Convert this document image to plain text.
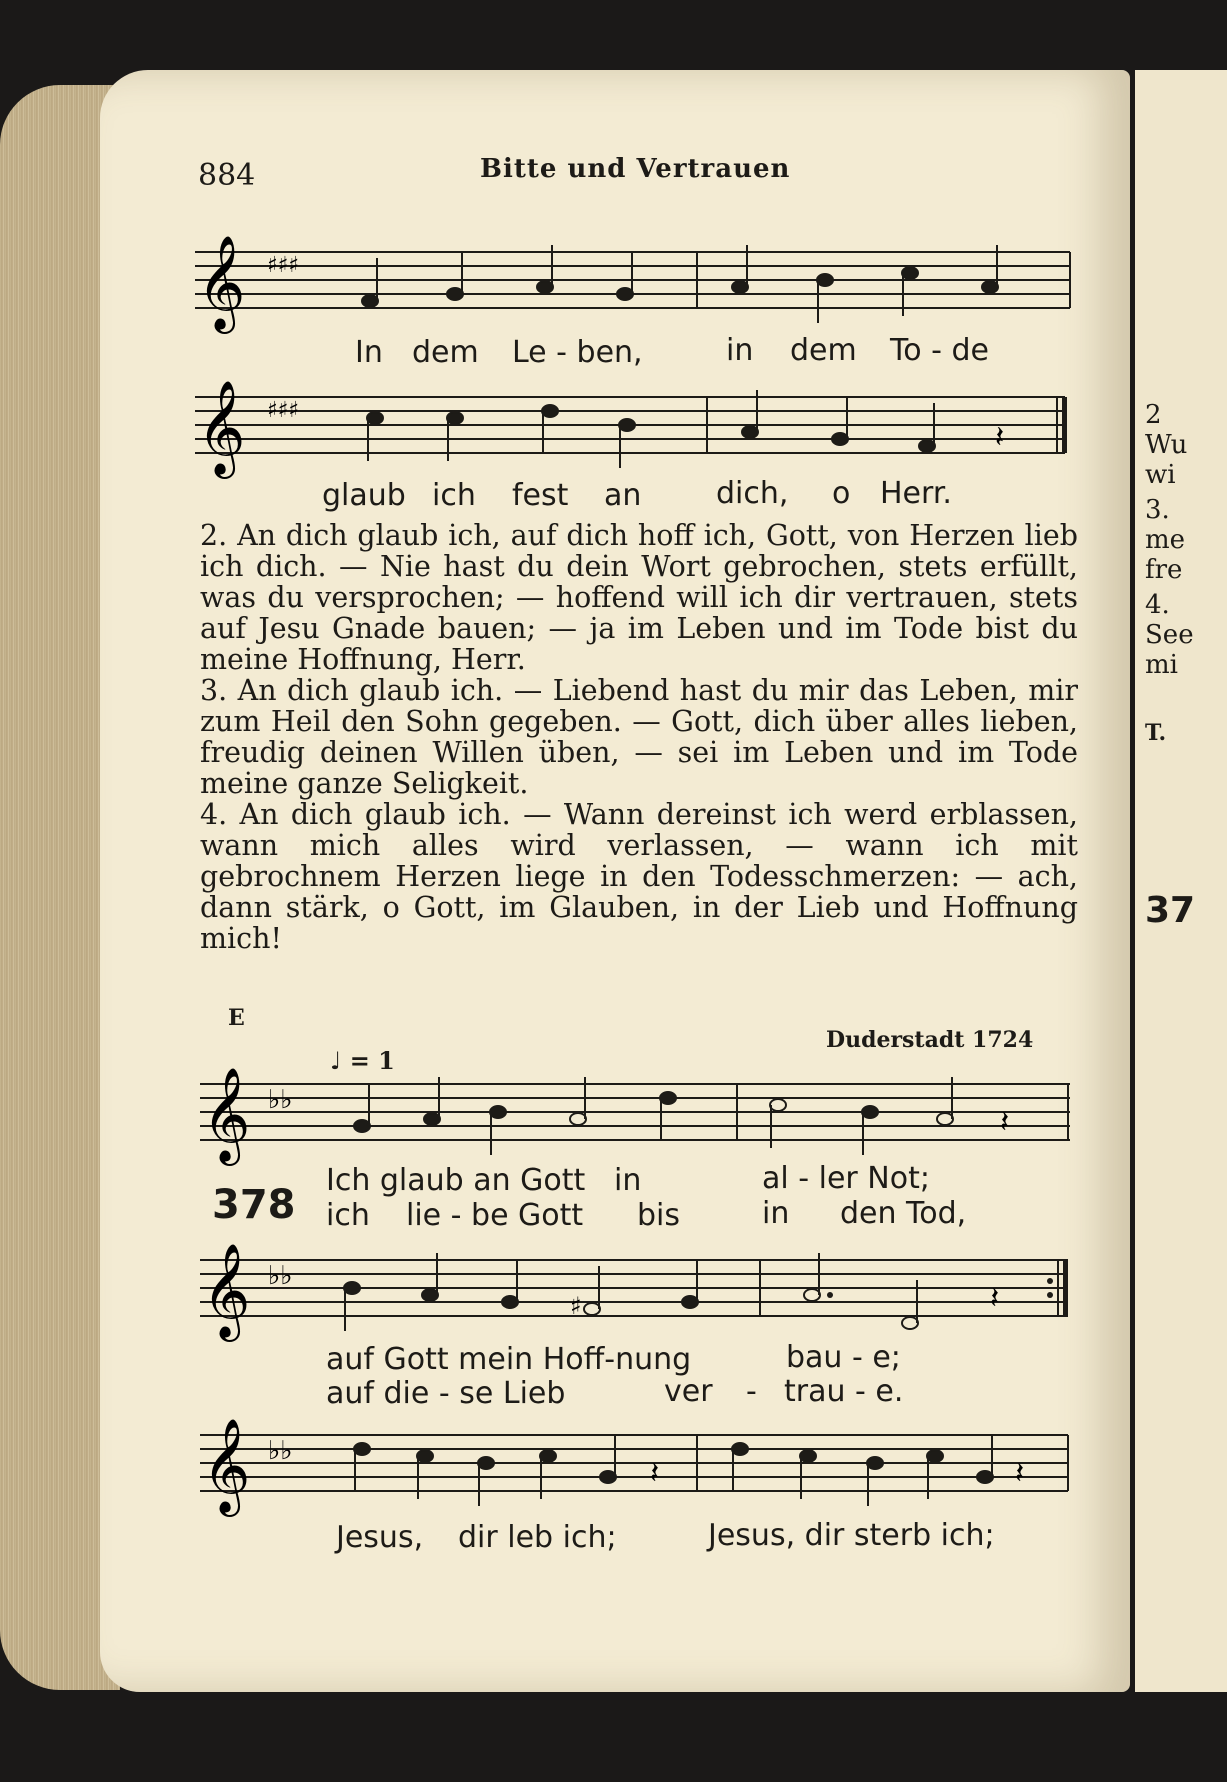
2
Wu
wi
3.
me
fre
4.
See
mi
T.
37
884	Bitte und Vertrauen
𝄞 ♯♯♯
In dem Le - ben,	in dem To - de
𝄞 ♯♯♯
𝄽
glaub ich fest an dich, o Herr.

2. An dich glaub ich, auf dich hoff ich, Gott, von Herzen lieb ich dich. — Nie hast du dein Wort gebrochen, stets erfüllt, was du versprochen; — hoffend will ich dir vertrauen, stets auf Jesu Gnade bauen; — ja im Leben und im Tode bist du meine Hoffnung, Herr.

3. An dich glaub ich. — Liebend hast du mir das Leben, mir zum Heil den Sohn gegeben. — Gott, dich über alles lieben, freudig deinen Willen üben, — sei im Leben und im Tode meine ganze Seligkeit.

4. An dich glaub ich. — Wann dereinst ich werd erblassen, wann mich alles wird verlassen, — wann ich mit gebrochnem Herzen liege in den Todesschmerzen: — ach, dann stärk, o Gott, im Glauben, in der Lieb und Hoffnung mich!

E
Duderstadt 1724
♩ = 1
378
𝄞 ♭♭
𝄽
Ich glaub an Gott in	al - ler Not;
ich lie - be Gott bis	in den Tod,
𝄞 ♭♭
♯	𝄽
auf Gott mein Hoff-nung	bau - e;
auf die - se Lieb	ver - trau - e.
𝄞 ♭♭
𝄽	𝄽
Jesus, dir leb ich;	Jesus, dir sterb ich;
